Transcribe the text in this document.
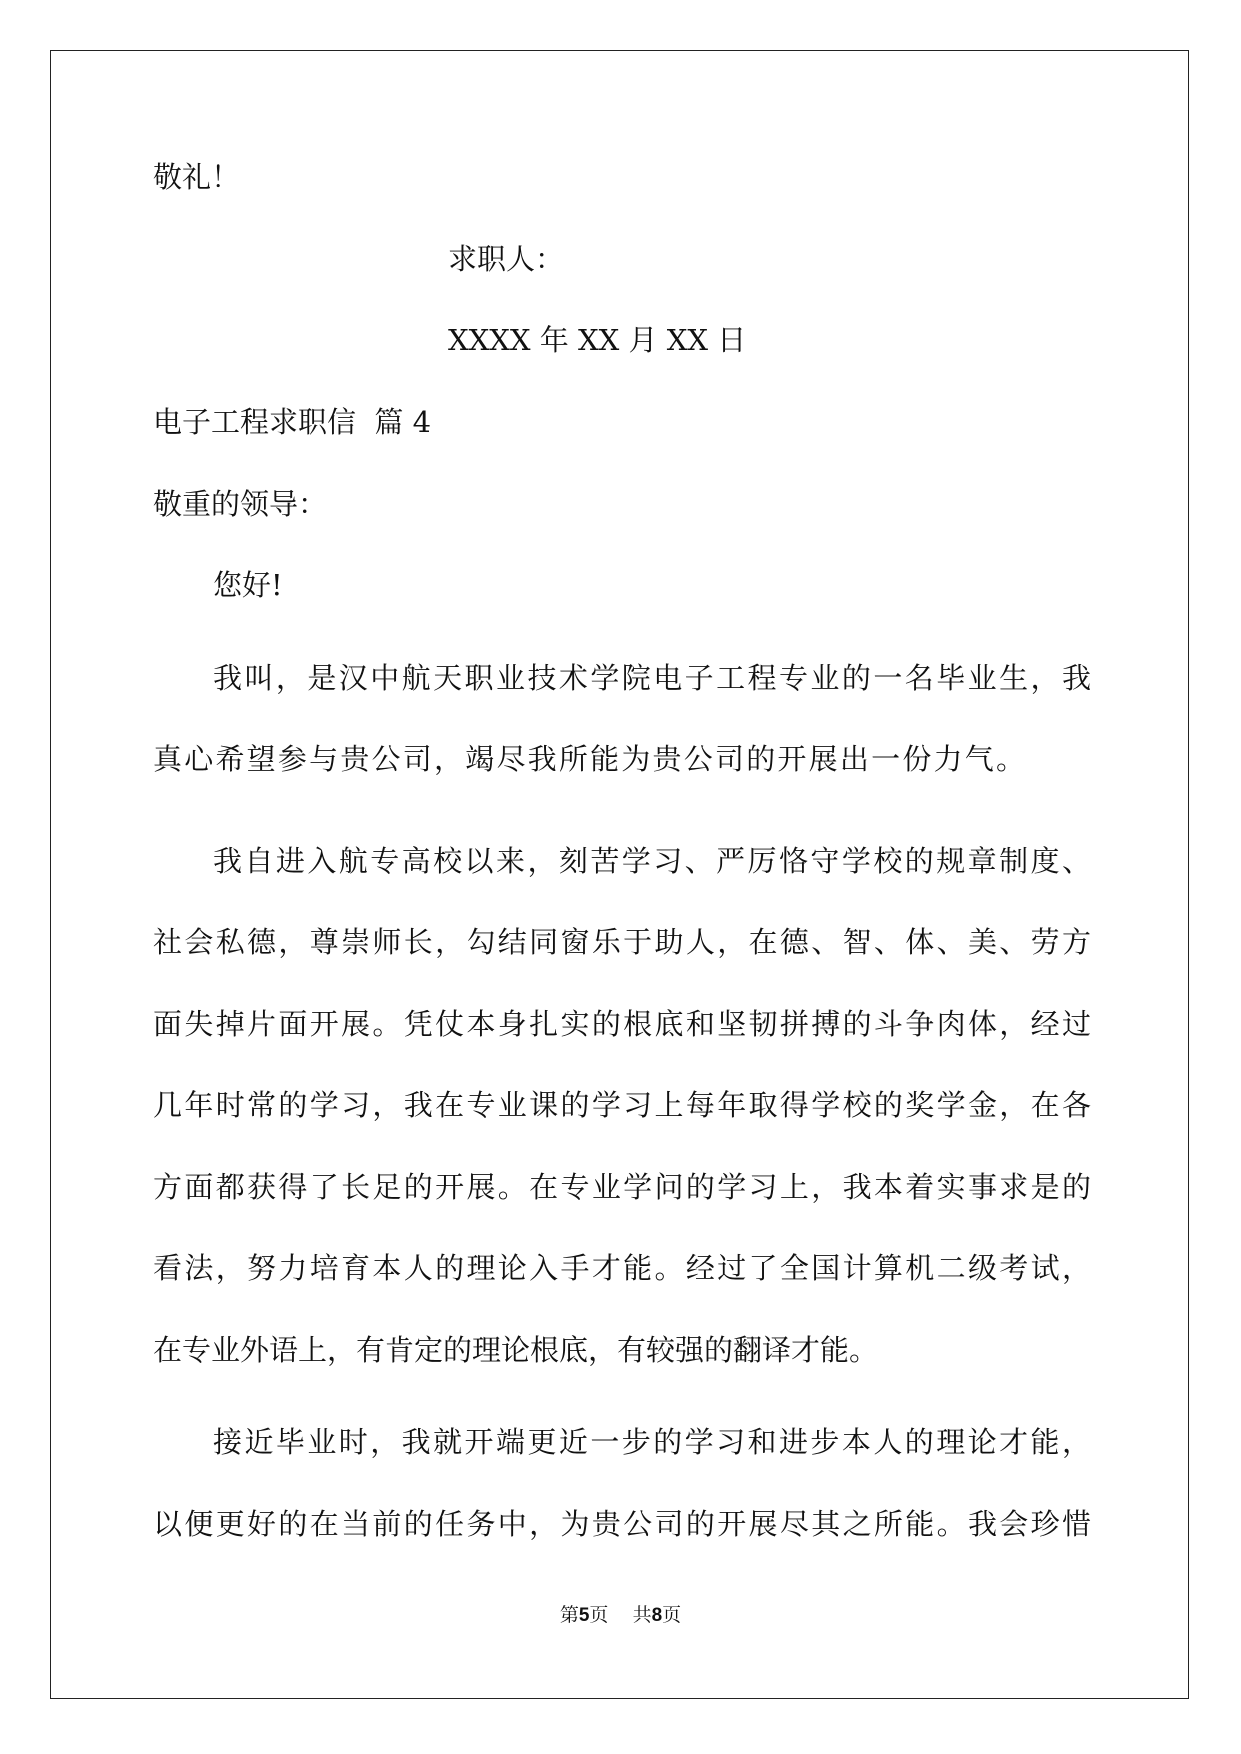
敬礼！

求职人：

XXXX 年 XX 月 XX 日

电子工程求职信  篇 4

敬重的领导：

您好!

我叫，是汉中航天职业技术学院电子工程专业的一名毕业生，我

真心希望参与贵公司，竭尽我所能为贵公司的开展出一份力气。

我自进入航专高校以来，刻苦学习、严厉恪守学校的规章制度、

社会私德，尊崇师长，勾结同窗乐于助人，在德、智、体、美、劳方

面失掉片面开展。凭仗本身扎实的根底和坚韧拼搏的斗争肉体，经过

几年时常的学习，我在专业课的学习上每年取得学校的奖学金，在各

方面都获得了长足的开展。在专业学问的学习上，我本着实事求是的

看法，努力培育本人的理论入手才能。经过了全国计算机二级考试，

在专业外语上，有肯定的理论根底，有较强的翻译才能。

接近毕业时，我就开端更近一步的学习和进步本人的理论才能，

以便更好的在当前的任务中，为贵公司的开展尽其之所能。我会珍惜

第5页    共8页
